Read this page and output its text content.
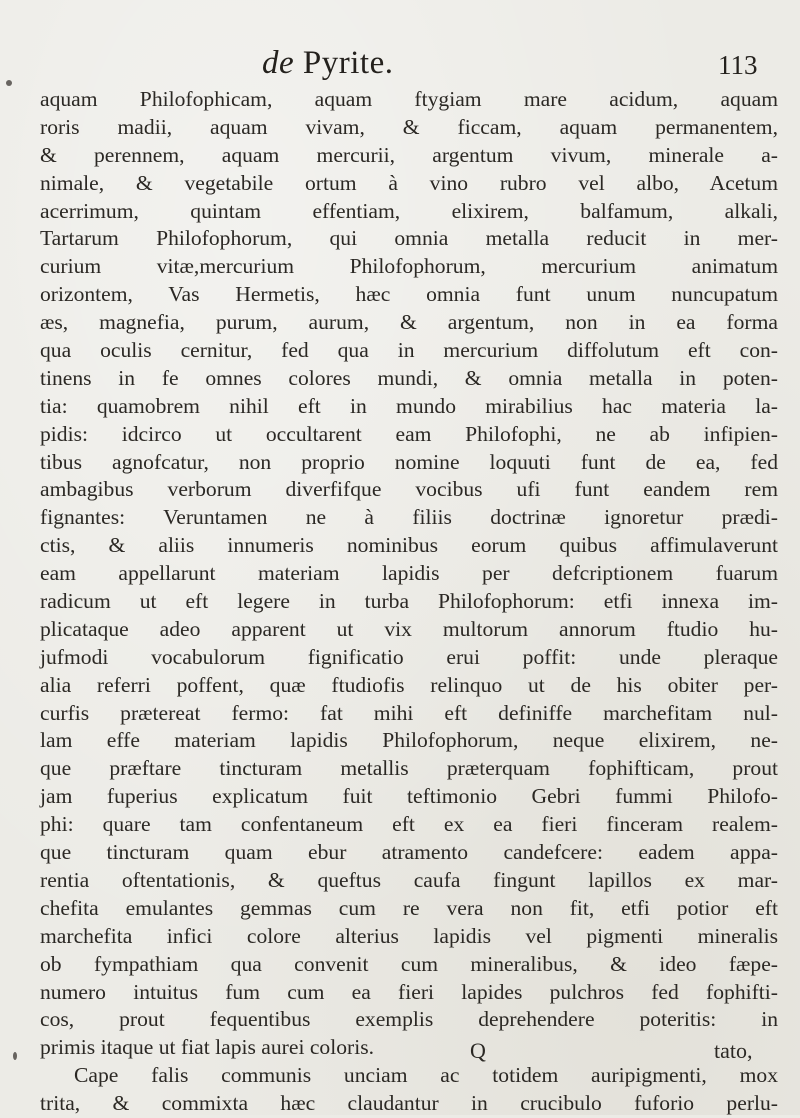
de Pyrite.	113
aquam Philofophicam, aquam ftygiam mare acidum, aquam
roris madii, aquam vivam, & ficcam, aquam permanentem,
& perennem, aquam mercurii, argentum vivum, minerale a-
nimale, & vegetabile ortum à vino rubro vel albo, Acetum
acerrimum, quintam effentiam, elixirem, balfamum, alkali,
Tartarum Philofophorum, qui omnia metalla reducit in mer-
curium vitæ,mercurium Philofophorum, mercurium animatum
orizontem, Vas Hermetis, hæc omnia funt unum nuncupatum
æs, magnefia, purum, aurum, & argentum, non in ea forma
qua oculis cernitur, fed qua in mercurium diffolutum eft con-
tinens in fe omnes colores mundi, & omnia metalla in poten-
tia: quamobrem nihil eft in mundo mirabilius hac materia la-
pidis: idcirco ut occultarent eam Philofophi, ne ab infipien-
tibus agnofcatur, non proprio nomine loquuti funt de ea, fed
ambagibus verborum diverfifque vocibus ufi funt eandem rem
fignantes: Veruntamen ne à filiis doctrinæ ignoretur prædi-
ctis, & aliis innumeris nominibus eorum quibus affimulaverunt
eam appellarunt materiam lapidis per defcriptionem fuarum
radicum ut eft legere in turba Philofophorum: etfi innexa im-
plicataque adeo apparent ut vix multorum annorum ftudio hu-
jufmodi vocabulorum fignificatio erui poffit: unde pleraque
alia referri poffent, quæ ftudiofis relinquo ut de his obiter per-
curfis prætereat fermo: fat mihi eft definiffe marchefitam nul-
lam effe materiam lapidis Philofophorum, neque elixirem, ne-
que præftare tincturam metallis præterquam fophifticam, prout
jam fuperius explicatum fuit teftimonio Gebri fummi Philofo-
phi: quare tam confentaneum eft ex ea fieri finceram realem-
que tincturam quam ebur atramento candefcere: eadem appa-
rentia oftentationis, & queftus caufa fingunt lapillos ex mar-
chefita emulantes gemmas cum re vera non fit, etfi potior eft
marchefita infici colore alterius lapidis vel pigmenti mineralis
ob fympathiam qua convenit cum mineralibus, & ideo fæpe-
numero intuitus fum cum ea fieri lapides pulchros fed fophifti-
cos, prout fequentibus exemplis deprehendere poteritis: in
primis itaque ut fiat lapis aurei coloris.
Cape falis communis unciam ac totidem auripigmenti, mox
trita, & commixta hæc claudantur in crucibulo fuforio perlu-
Q	tato,
